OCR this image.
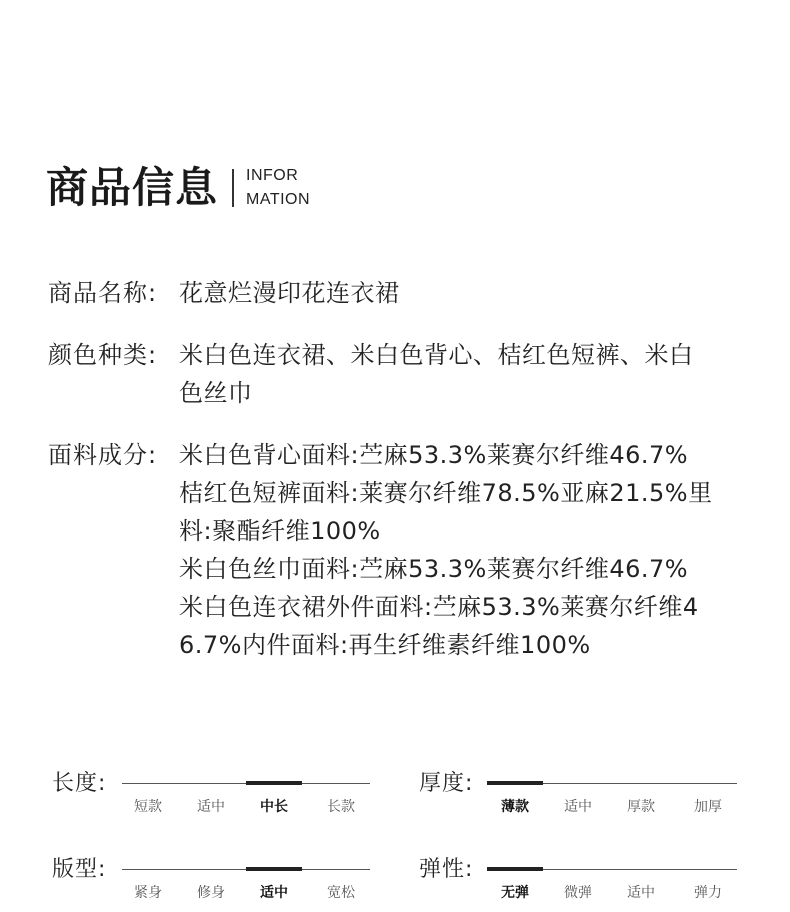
商品信息 INFOR
MATION
商品名称: 花意烂漫印花连衣裙
颜色种类: 米白色连衣裙、米白色背心、桔红色短裤、米白
色丝巾
面料成分: 米白色背心面料:苎麻53.3%莱赛尔纤维46.7%
桔红色短裤面料:莱赛尔纤维78.5%亚麻21.5%里
料:聚酯纤维100%
米白色丝巾面料:苎麻53.3%莱赛尔纤维46.7%
米白色连衣裙外件面料:苎麻53.3%莱赛尔纤维4
6.7%内件面料:再生纤维素纤维100%
长度:
短款	适中	中长	长款
厚度:
薄款	适中	厚款	加厚
版型:
紧身	修身	适中	宽松
弹性:
无弹	微弹	适中	弹力
